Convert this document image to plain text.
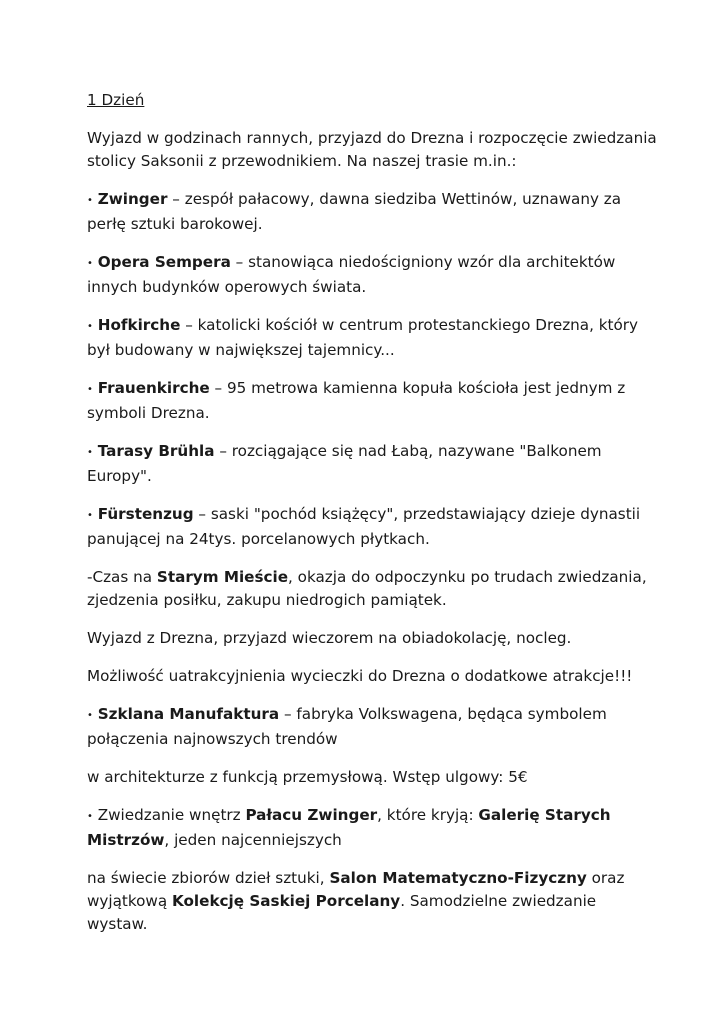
1 Dzień

Wyjazd w godzinach rannych, przyjazd do Drezna i rozpoczęcie zwiedzania
stolicy Saksonii z przewodnikiem. Na naszej trasie m.in.:

• Zwinger – zespół pałacowy, dawna siedziba Wettinów, uznawany za
perłę sztuki barokowej.

• Opera Sempera – stanowiąca niedościgniony wzór dla architektów
innych budynków operowych świata.

• Hofkirche – katolicki kościół w centrum protestanckiego Drezna, który
był budowany w największej tajemnicy...

• Frauenkirche – 95 metrowa kamienna kopuła kościoła jest jednym z
symboli Drezna.

• Tarasy Brühla – rozciągające się nad Łabą, nazywane "Balkonem
Europy".

• Fürstenzug – saski "pochód książęcy", przedstawiający dzieje dynastii
panującej na 24tys. porcelanowych płytkach.

-Czas na Starym Mieście, okazja do odpoczynku po trudach zwiedzania,
zjedzenia posiłku, zakupu niedrogich pamiątek.

Wyjazd z Drezna, przyjazd wieczorem na obiadokolację, nocleg.

Możliwość uatrakcyjnienia wycieczki do Drezna o dodatkowe atrakcje!!!

• Szklana Manufaktura – fabryka Volkswagena, będąca symbolem
połączenia najnowszych trendów

w architekturze z funkcją przemysłową. Wstęp ulgowy: 5€

• Zwiedzanie wnętrz Pałacu Zwinger, które kryją: Galerię Starych
Mistrzów, jeden najcenniejszych

na świecie zbiorów dzieł sztuki, Salon Matematyczno-Fizyczny oraz
wyjątkową Kolekcję Saskiej Porcelany. Samodzielne zwiedzanie
wystaw.
